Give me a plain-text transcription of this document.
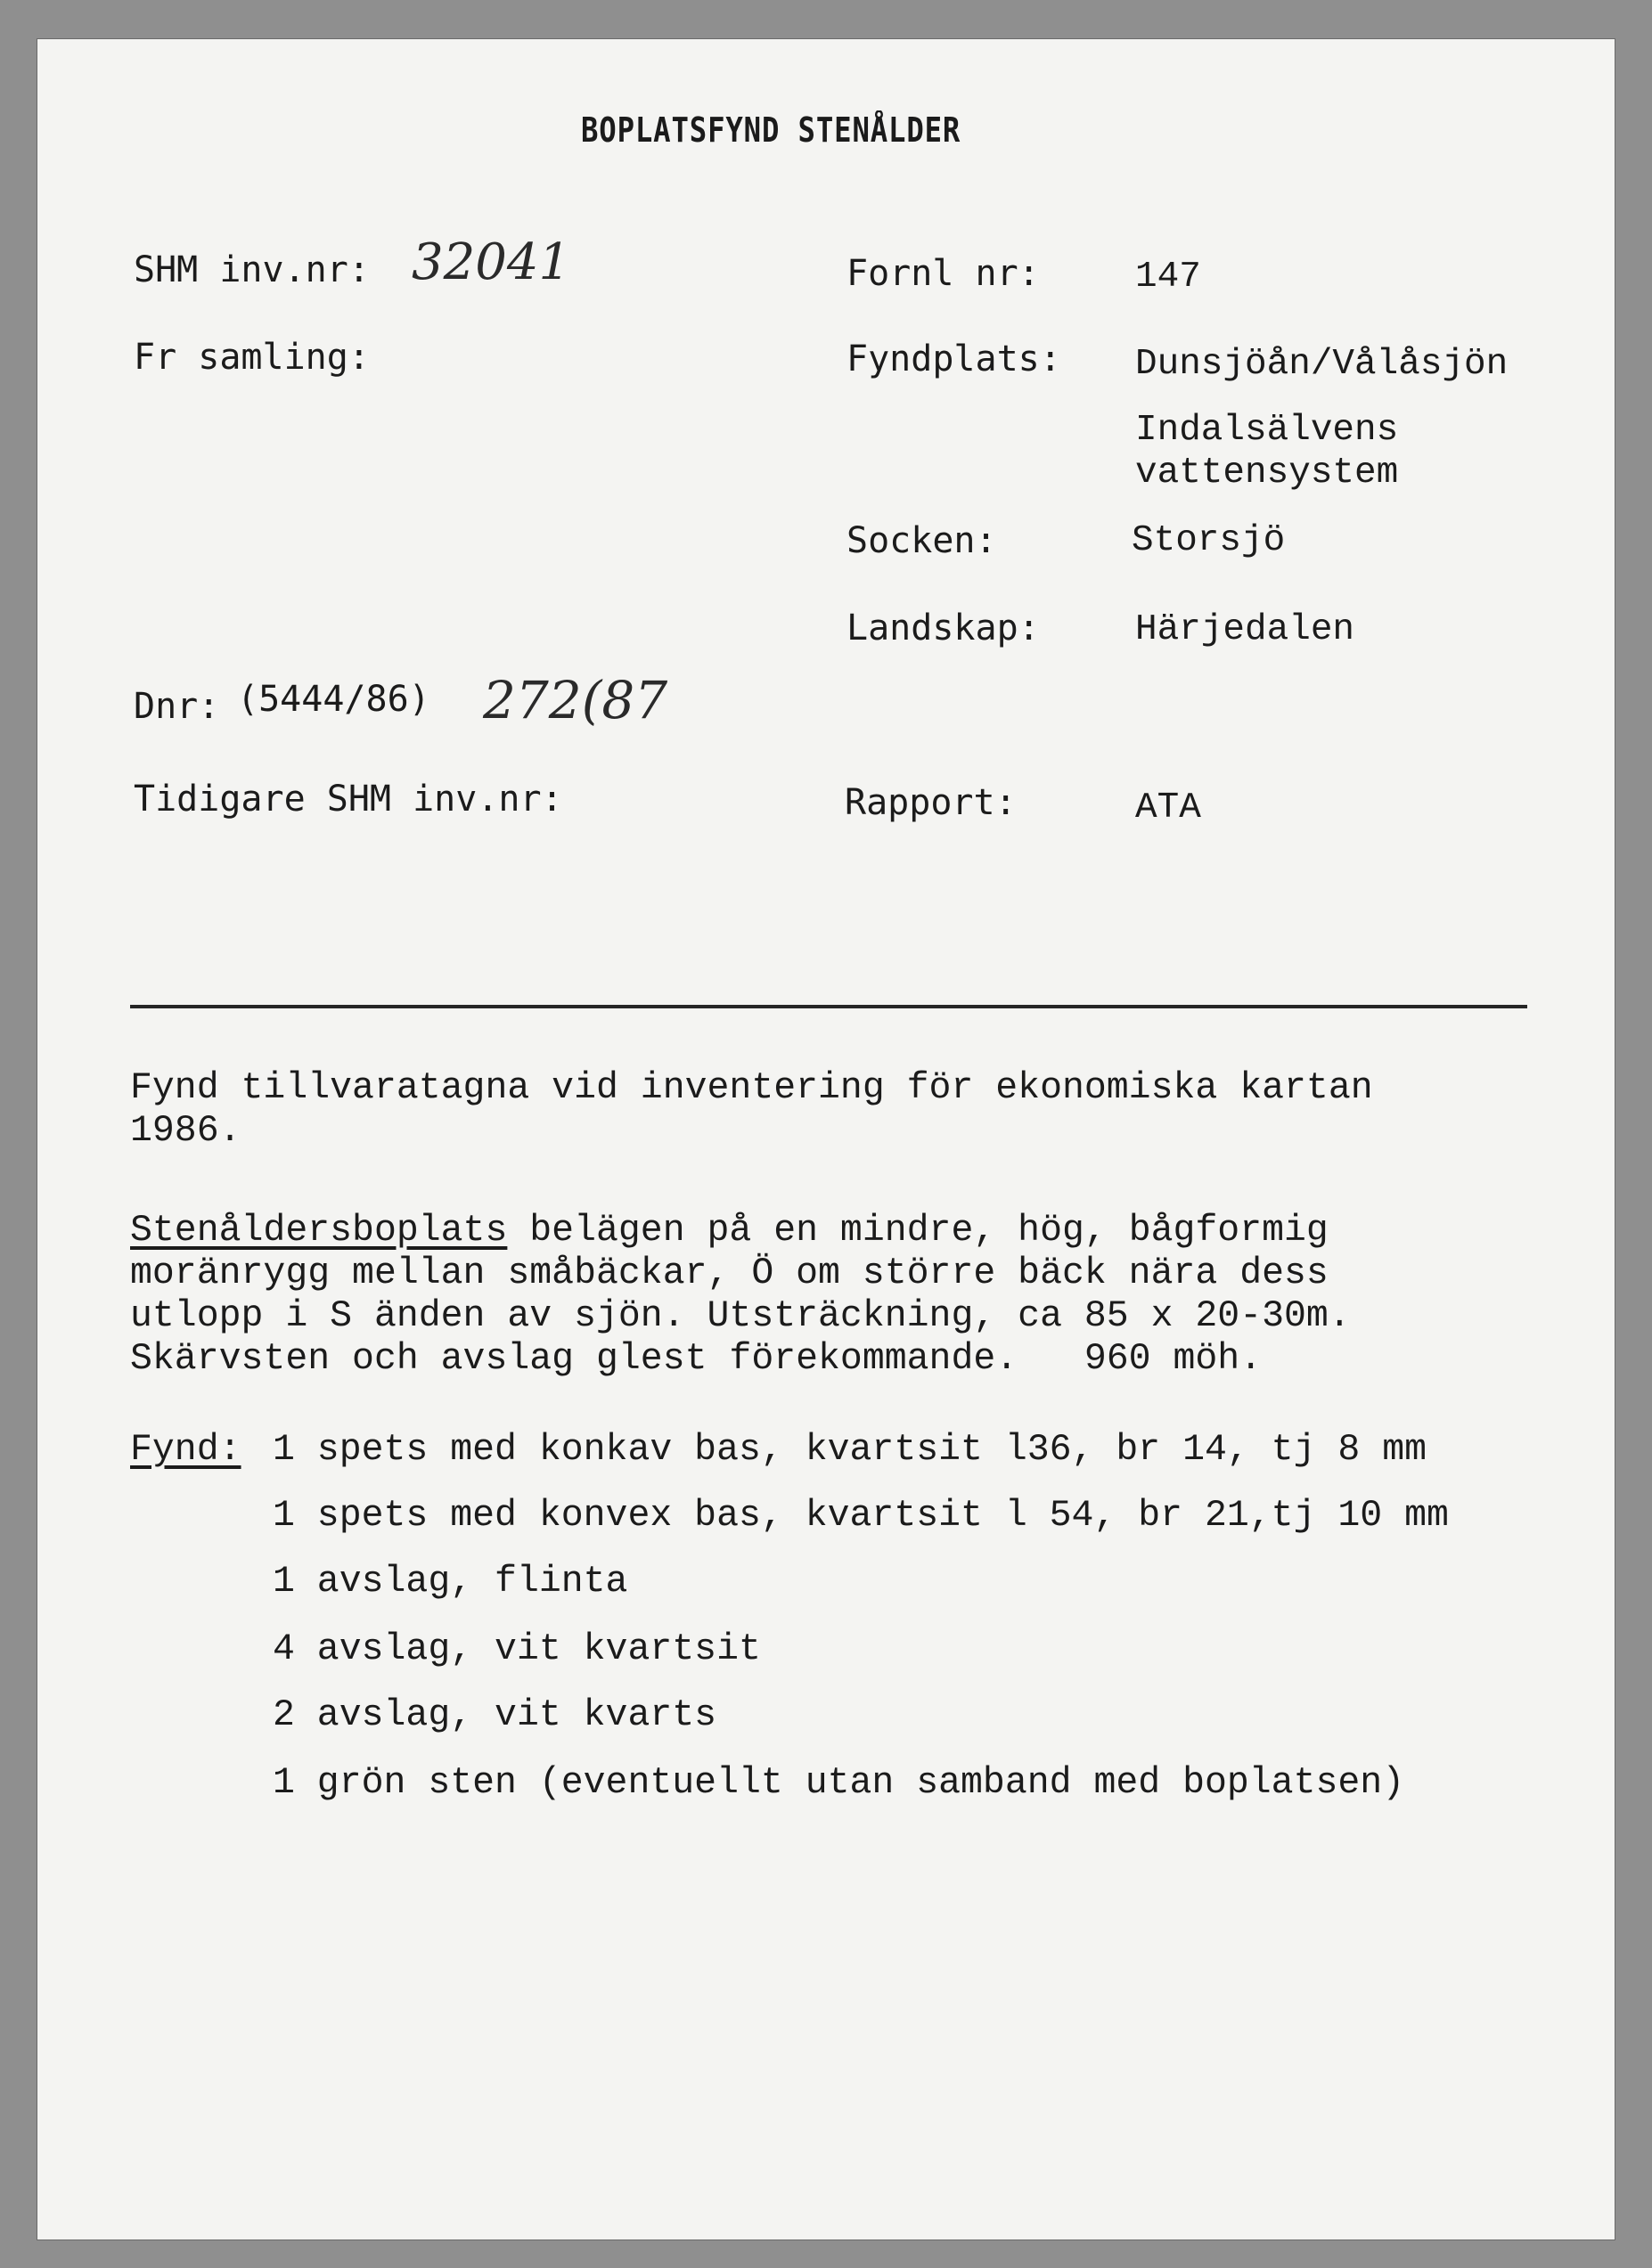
BOPLATSFYND STENÅLDER
SHM inv.nr: 32041	Fornl nr:	147
Fr samling:	Fyndplats: Dunsjöån/Vålåsjön
Indalsälvens
vattensystem
Socken:	Storsjö
Landskap:	Härjedalen
Dnr: (5444/86) 272(87
Tidigare SHM inv.nr:	Rapport:	ATA
Fynd tillvaratagna vid inventering för ekonomiska kartan
1986.
Stenåldersboplats belägen på en mindre, hög, bågformig
moränrygg mellan småbäckar, Ö om större bäck nära dess
utlopp i S änden av sjön. Utsträckning, ca 85 x 20-30m.
Skärvsten och avslag glest förekommande.   960 möh.
Fynd: 1 spets med konkav bas, kvartsit l36, br 14, tj 8 mm
1 spets med konvex bas, kvartsit l 54, br 21,tj 10 mm
1 avslag, flinta
4 avslag, vit kvartsit
2 avslag, vit kvarts
1 grön sten (eventuellt utan samband med boplatsen)
